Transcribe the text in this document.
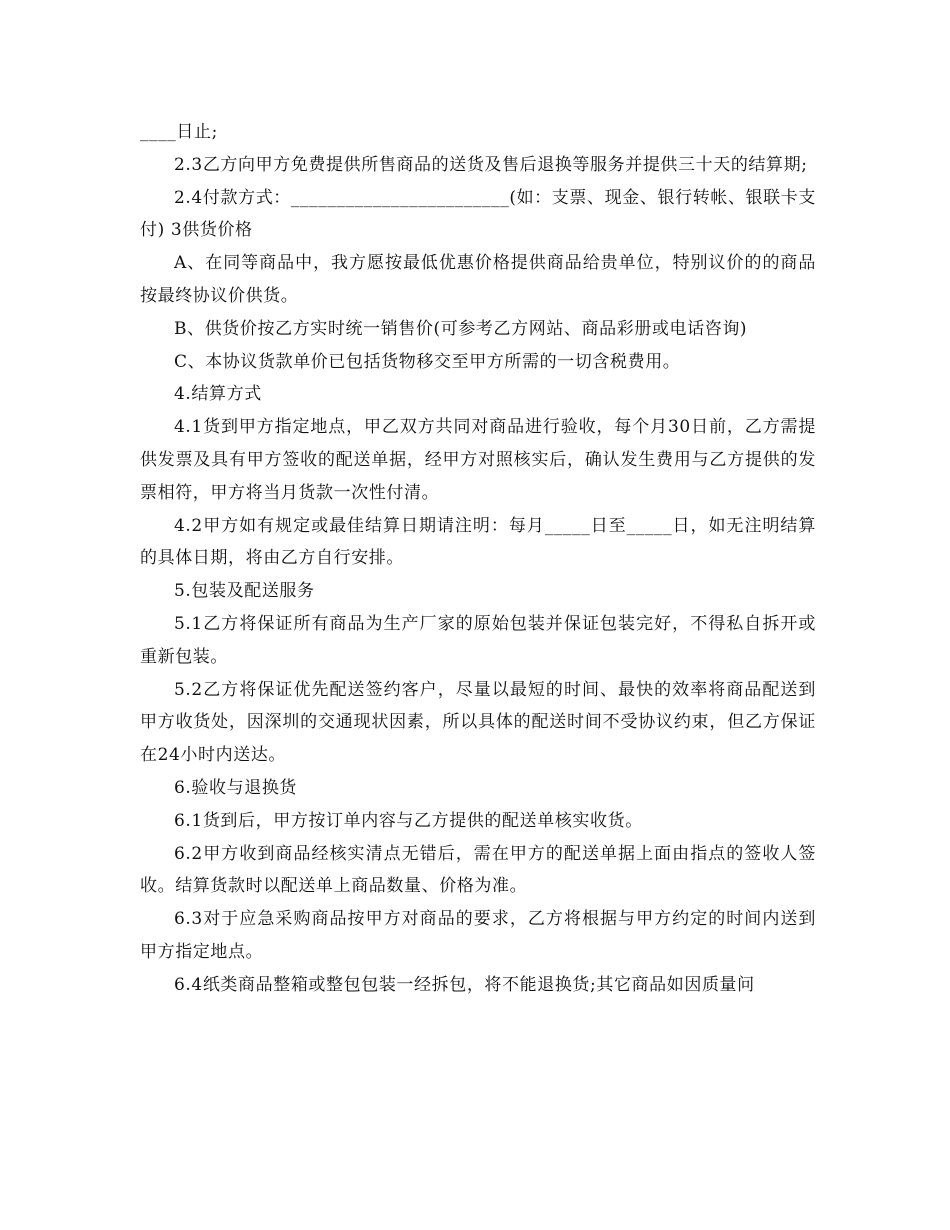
____日止;

2.3乙方向甲方免费提供所售商品的送货及售后退换等服务并提供三十天的结算期;

2.4付款方式：________________________(如：支票、现金、银行转帐、银联卡支付) 3供货价格

A、在同等商品中，我方愿按最低优惠价格提供商品给贵单位，特别议价的的商品按最终协议价供货。

B、供货价按乙方实时统一销售价(可参考乙方网站、商品彩册或电话咨询)

C、本协议货款单价已包括货物移交至甲方所需的一切含税费用。

4.结算方式

4.1货到甲方指定地点，甲乙双方共同对商品进行验收，每个月30日前，乙方需提供发票及具有甲方签收的配送单据，经甲方对照核实后，确认发生费用与乙方提供的发票相符，甲方将当月货款一次性付清。

4.2甲方如有规定或最佳结算日期请注明：每月_____日至_____日，如无注明结算的具体日期，将由乙方自行安排。

5.包装及配送服务

5.1乙方将保证所有商品为生产厂家的原始包装并保证包装完好，不得私自拆开或重新包装。

5.2乙方将保证优先配送签约客户，尽量以最短的时间、最快的效率将商品配送到甲方收货处，因深圳的交通现状因素，所以具体的配送时间不受协议约束，但乙方保证在24小时内送达。

6.验收与退换货

6.1货到后，甲方按订单内容与乙方提供的配送单核实收货。

6.2甲方收到商品经核实清点无错后，需在甲方的配送单据上面由指点的签收人签收。结算货款时以配送单上商品数量、价格为准。

6.3对于应急采购商品按甲方对商品的要求，乙方将根据与甲方约定的时间内送到甲方指定地点。

6.4纸类商品整箱或整包包装一经拆包，将不能退换货;其它商品如因质量问
